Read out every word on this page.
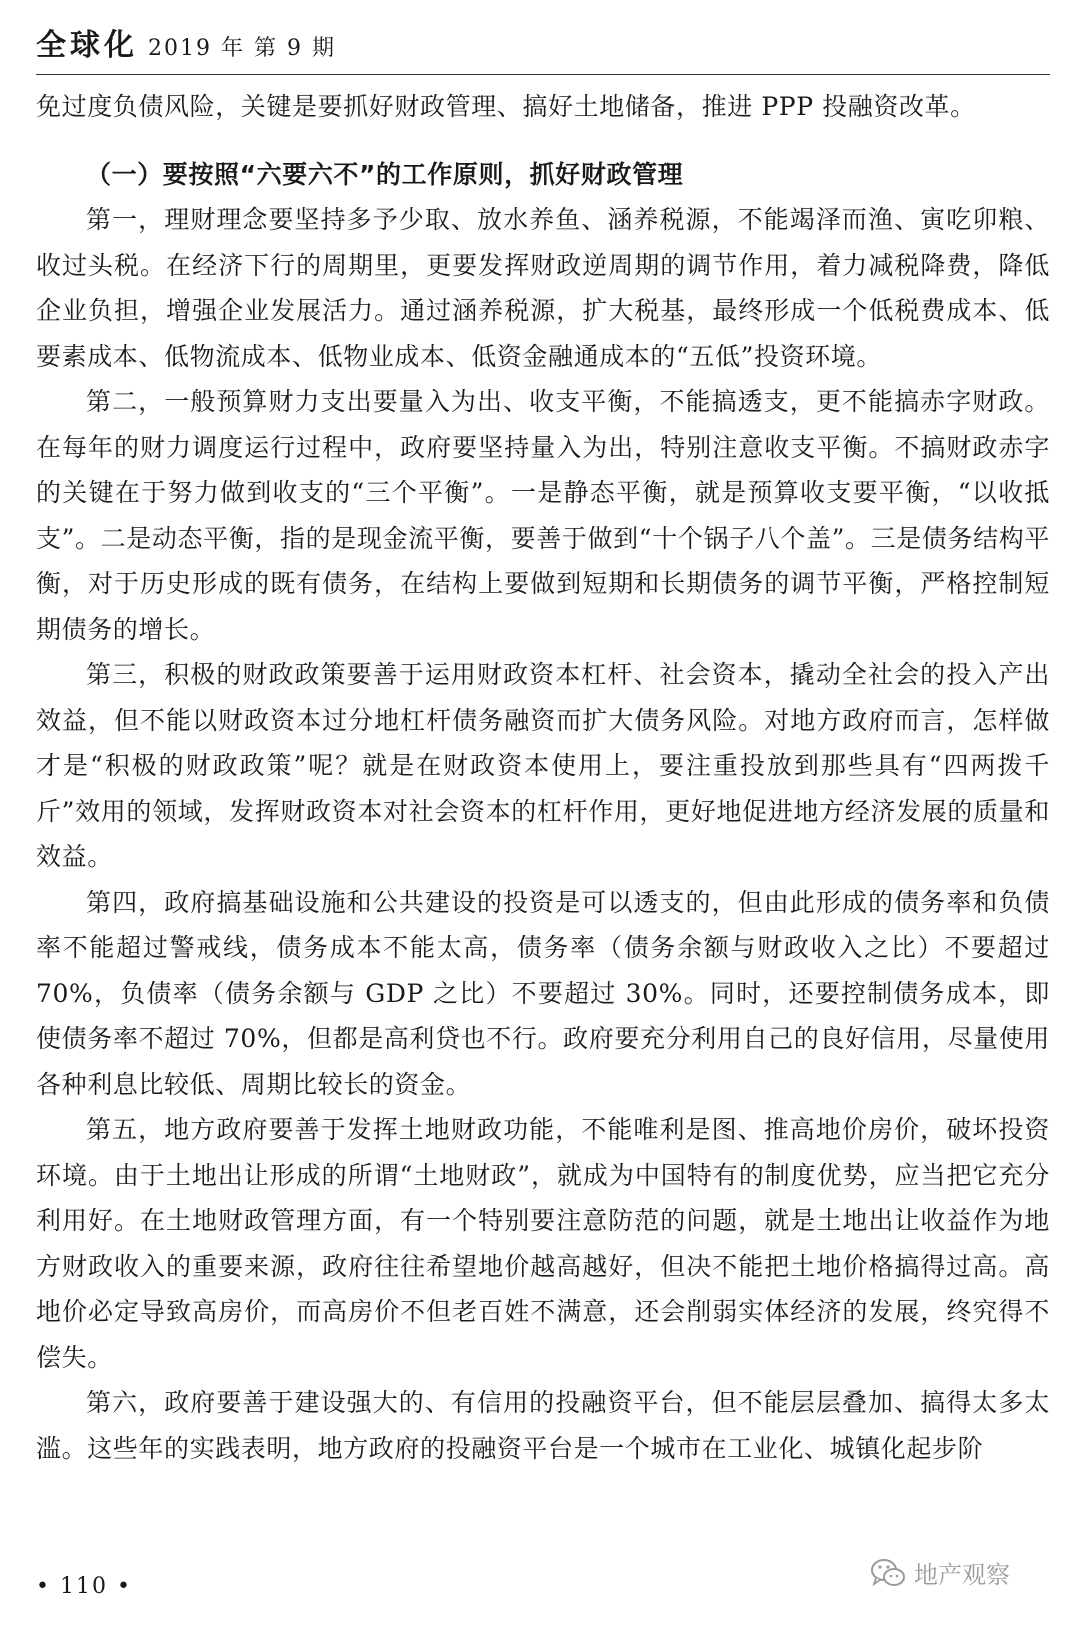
全球化 2019 年 第 9 期

免过度负债风险，关键是要抓好财政管理、搞好土地储备，推进 PPP 投融资改革。

（一）要按照“六要六不”的工作原则，抓好财政管理

第一，理财理念要坚持多予少取、放水养鱼、涵养税源，不能竭泽而渔、寅吃卯粮、收过头税。在经济下行的周期里，更要发挥财政逆周期的调节作用，着力减税降费，降低企业负担，增强企业发展活力。通过涵养税源，扩大税基，最终形成一个低税费成本、低要素成本、低物流成本、低物业成本、低资金融通成本的“五低”投资环境。

第二，一般预算财力支出要量入为出、收支平衡，不能搞透支，更不能搞赤字财政。在每年的财力调度运行过程中，政府要坚持量入为出，特别注意收支平衡。不搞财政赤字的关键在于努力做到收支的“三个平衡”。一是静态平衡，就是预算收支要平衡，“以收抵支”。二是动态平衡，指的是现金流平衡，要善于做到“十个锅子八个盖”。三是债务结构平衡，对于历史形成的既有债务，在结构上要做到短期和长期债务的调节平衡，严格控制短期债务的增长。

第三，积极的财政政策要善于运用财政资本杠杆、社会资本，撬动全社会的投入产出效益，但不能以财政资本过分地杠杆债务融资而扩大债务风险。对地方政府而言，怎样做才是“积极的财政政策”呢？就是在财政资本使用上，要注重投放到那些具有“四两拨千斤”效用的领域，发挥财政资本对社会资本的杠杆作用，更好地促进地方经济发展的质量和效益。

第四，政府搞基础设施和公共建设的投资是可以透支的，但由此形成的债务率和负债率不能超过警戒线，债务成本不能太高，债务率（债务余额与财政收入之比）不要超过 70%，负债率（债务余额与 GDP 之比）不要超过 30%。同时，还要控制债务成本，即使债务率不超过 70%，但都是高利贷也不行。政府要充分利用自己的良好信用，尽量使用各种利息比较低、周期比较长的资金。

第五，地方政府要善于发挥土地财政功能，不能唯利是图、推高地价房价，破坏投资环境。由于土地出让形成的所谓“土地财政”，就成为中国特有的制度优势，应当把它充分利用好。在土地财政管理方面，有一个特别要注意防范的问题，就是土地出让收益作为地方财政收入的重要来源，政府往往希望地价越高越好，但决不能把土地价格搞得过高。高地价必定导致高房价，而高房价不但老百姓不满意，还会削弱实体经济的发展，终究得不偿失。

第六，政府要善于建设强大的、有信用的投融资平台，但不能层层叠加、搞得太多太滥。这些年的实践表明，地方政府的投融资平台是一个城市在工业化、城镇化起步阶

• 110 •	地产观察
